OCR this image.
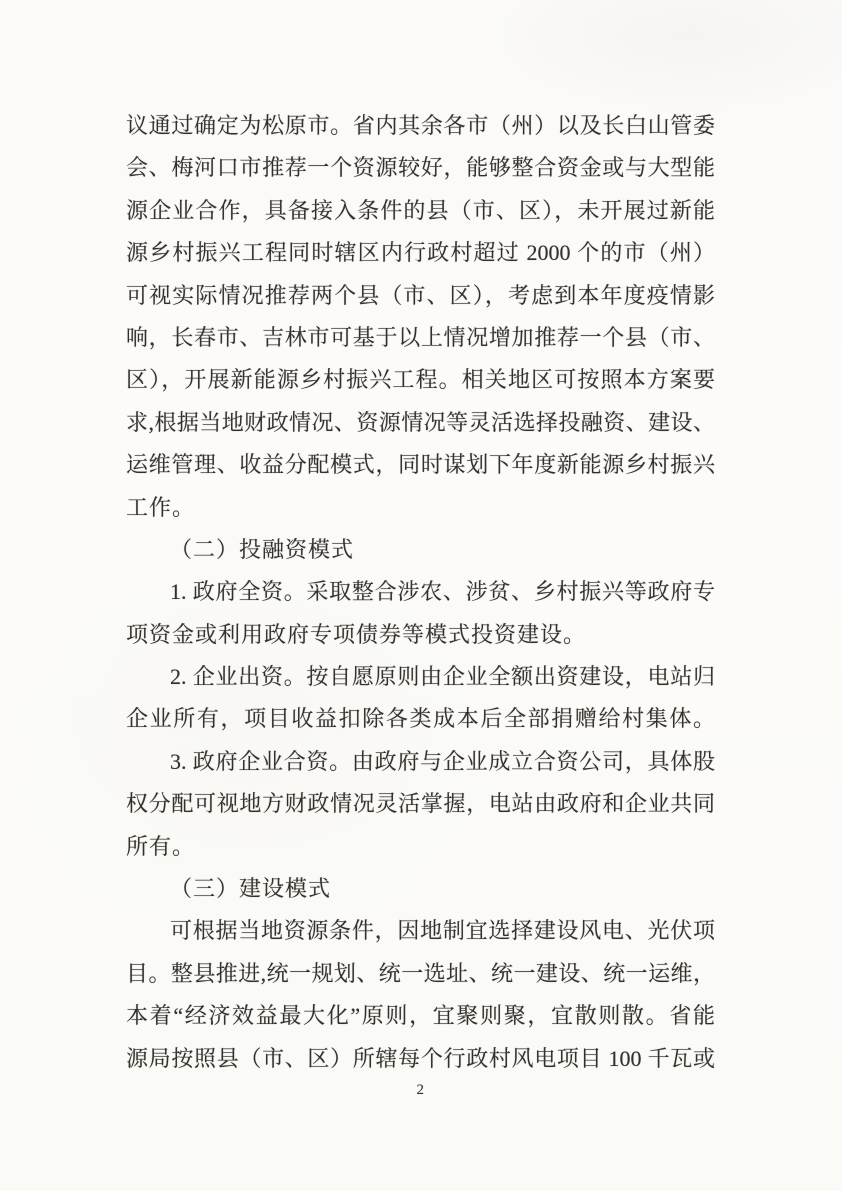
议通过确定为松原市。省内其余各市（州）以及长白山管委
会、梅河口市推荐一个资源较好，能够整合资金或与大型能
源企业合作，具备接入条件的县（市、区），未开展过新能
源乡村振兴工程同时辖区内行政村超过 2000 个的市（州）
可视实际情况推荐两个县（市、区），考虑到本年度疫情影
响，长春市、吉林市可基于以上情况增加推荐一个县（市、
区），开展新能源乡村振兴工程。相关地区可按照本方案要
求,根据当地财政情况、资源情况等灵活选择投融资、建设、
运维管理、收益分配模式，同时谋划下年度新能源乡村振兴
工作。
（二）投融资模式
1. 政府全资。采取整合涉农、涉贫、乡村振兴等政府专
项资金或利用政府专项债券等模式投资建设。
2. 企业出资。按自愿原则由企业全额出资建设，电站归
企业所有，项目收益扣除各类成本后全部捐赠给村集体。
3. 政府企业合资。由政府与企业成立合资公司，具体股
权分配可视地方财政情况灵活掌握，电站由政府和企业共同
所有。
（三）建设模式
可根据当地资源条件，因地制宜选择建设风电、光伏项
目。整县推进,统一规划、统一选址、统一建设、统一运维，
本着“经济效益最大化”原则，宜聚则聚，宜散则散。省能
源局按照县（市、区）所辖每个行政村风电项目 100 千瓦或
2
